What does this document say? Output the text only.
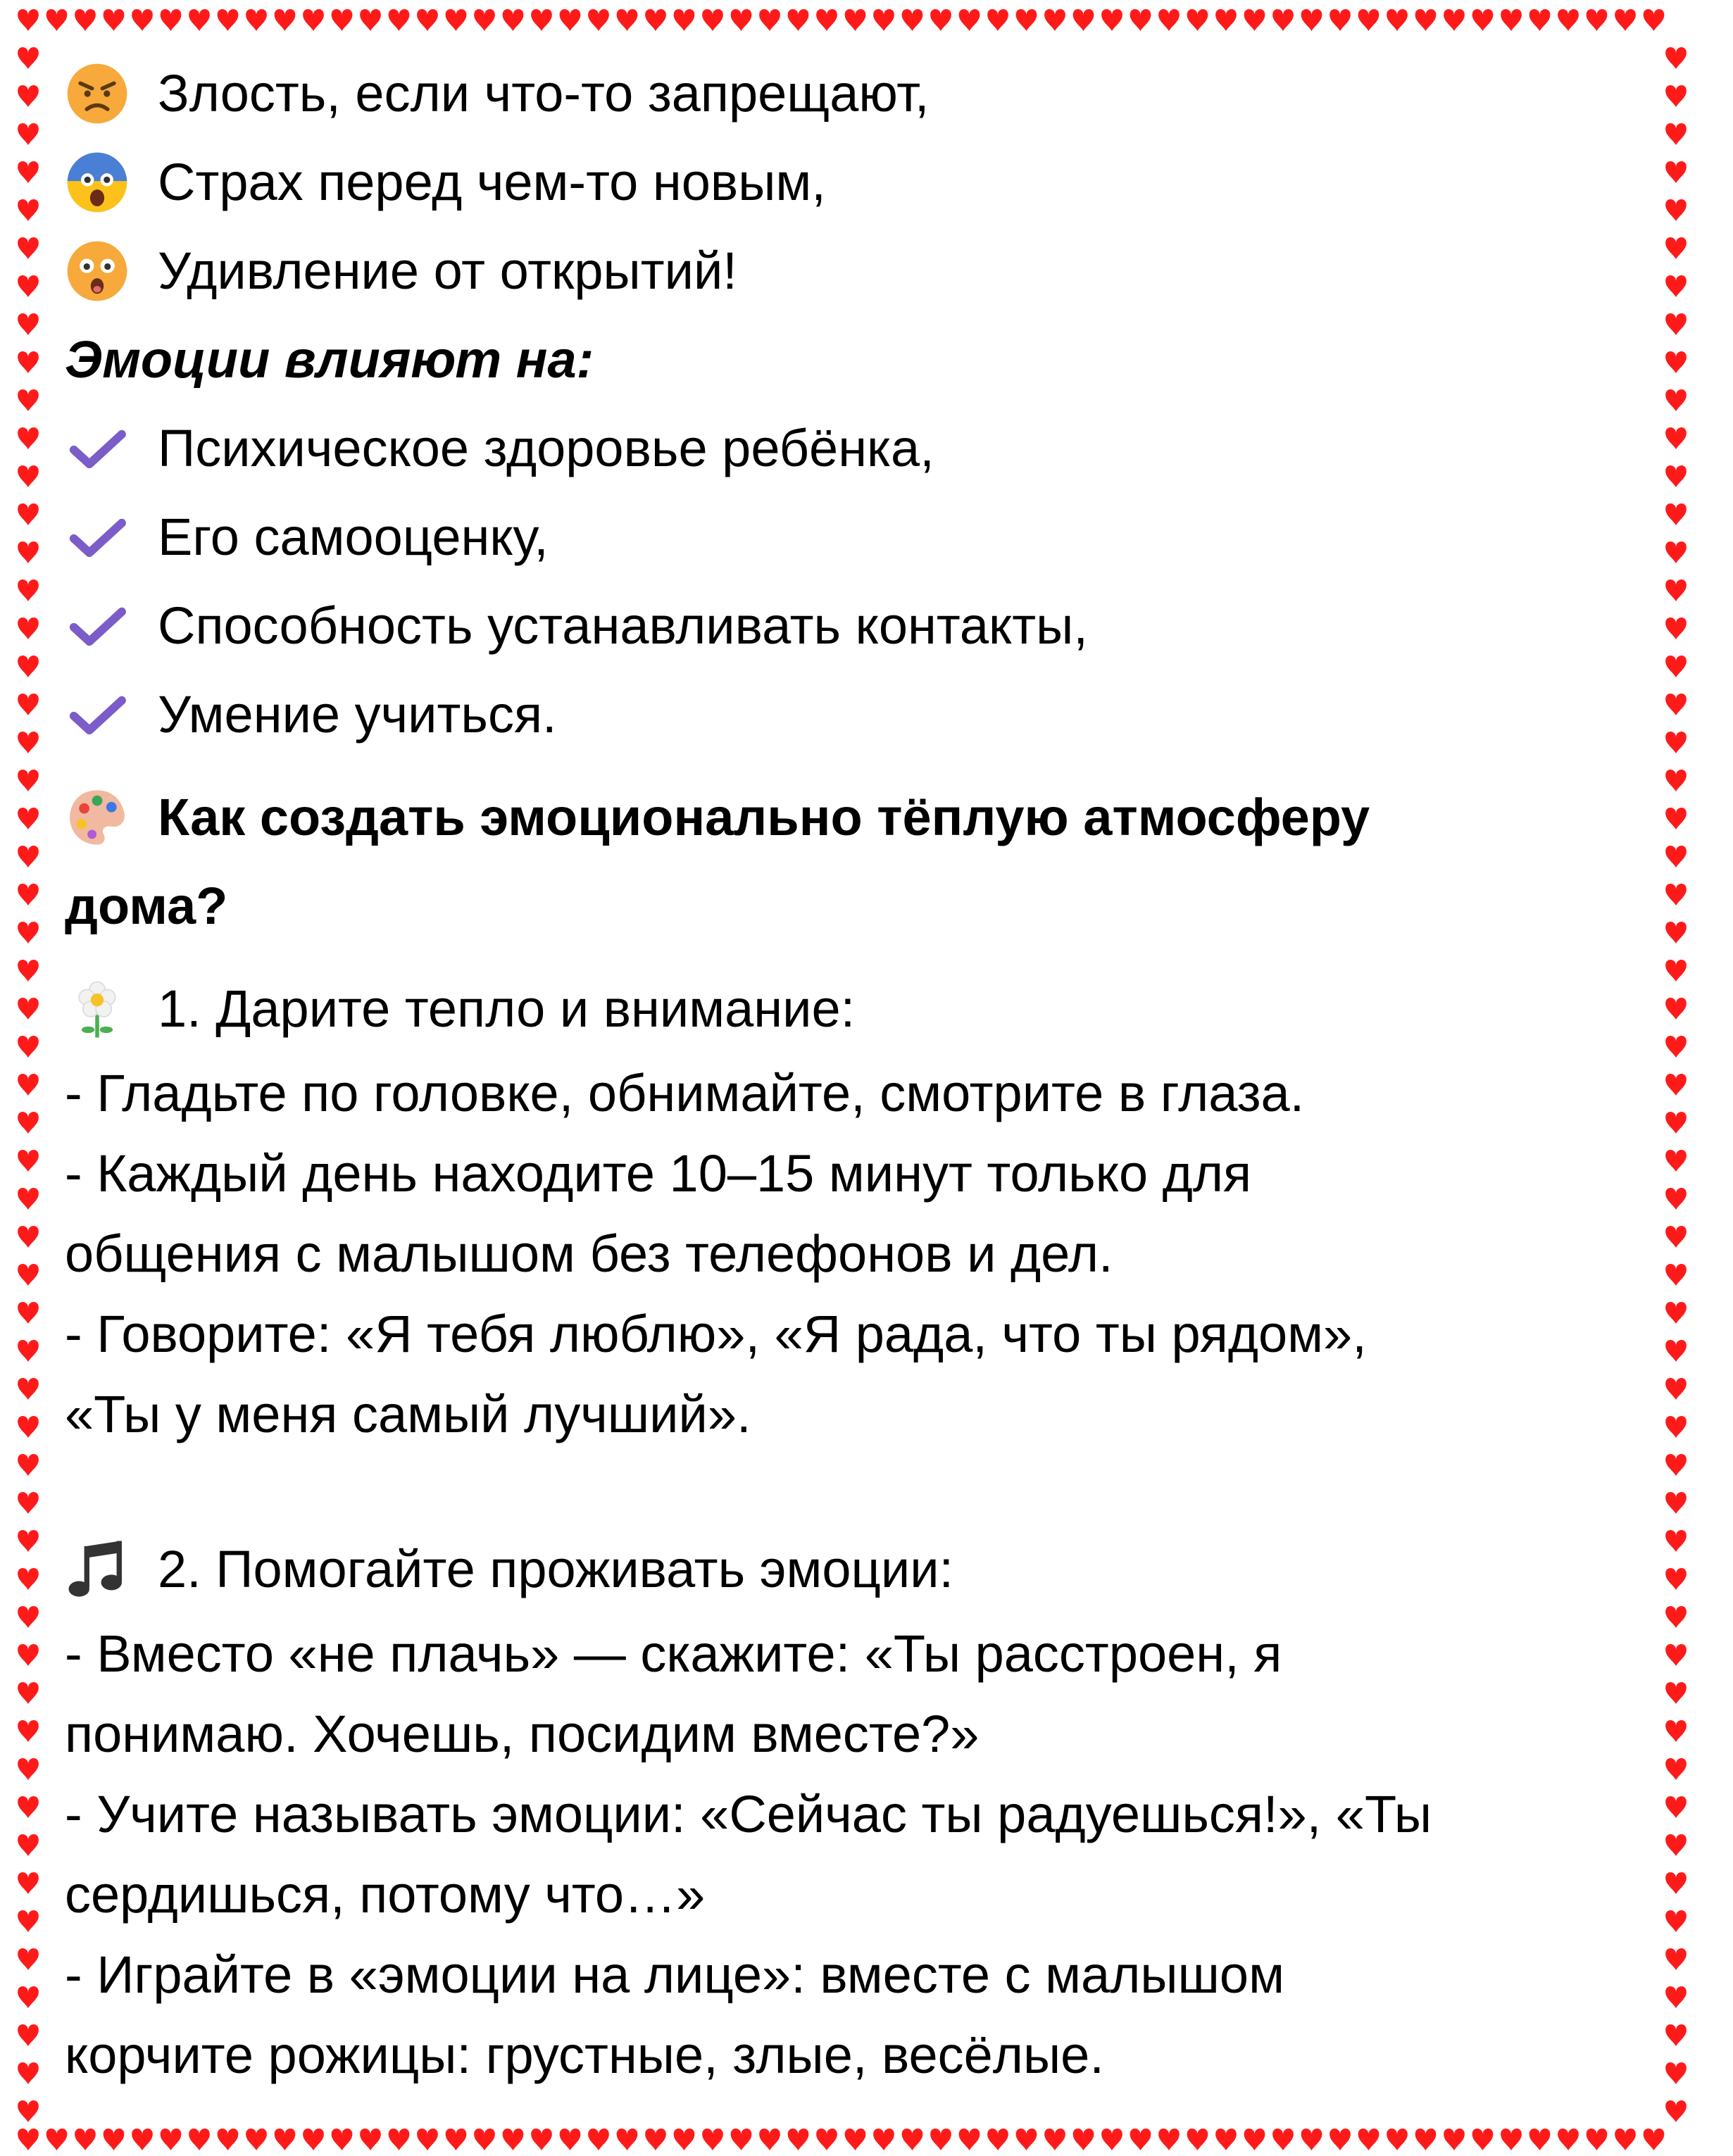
Злость, если что-то запрещают,
Страх перед чем-то новым,
Удивление от открытий!
Эмоции влияют на:
Психическое здоровье ребёнка,
Его самооценку,
Способность устанавливать контакты,
Умение учиться.
Как создать эмоционально тёплую атмосферу
дома?
1. Дарите тепло и внимание:
- Гладьте по головке, обнимайте, смотрите в глаза.
- Каждый день находите 10–15 минут только для
общения с малышом без телефонов и дел.
- Говорите: «Я тебя люблю», «Я рада, что ты рядом»,
«Ты у меня самый лучший».
2. Помогайте проживать эмоции:
- Вместо «не плачь» — скажите: «Ты расстроен, я
понимаю. Хочешь, посидим вместе?»
- Учите называть эмоции: «Сейчас ты радуешься!», «Ты
сердишься, потому что…»
- Играйте в «эмоции на лице»: вместе с малышом
корчите рожицы: грустные, злые, весёлые.
